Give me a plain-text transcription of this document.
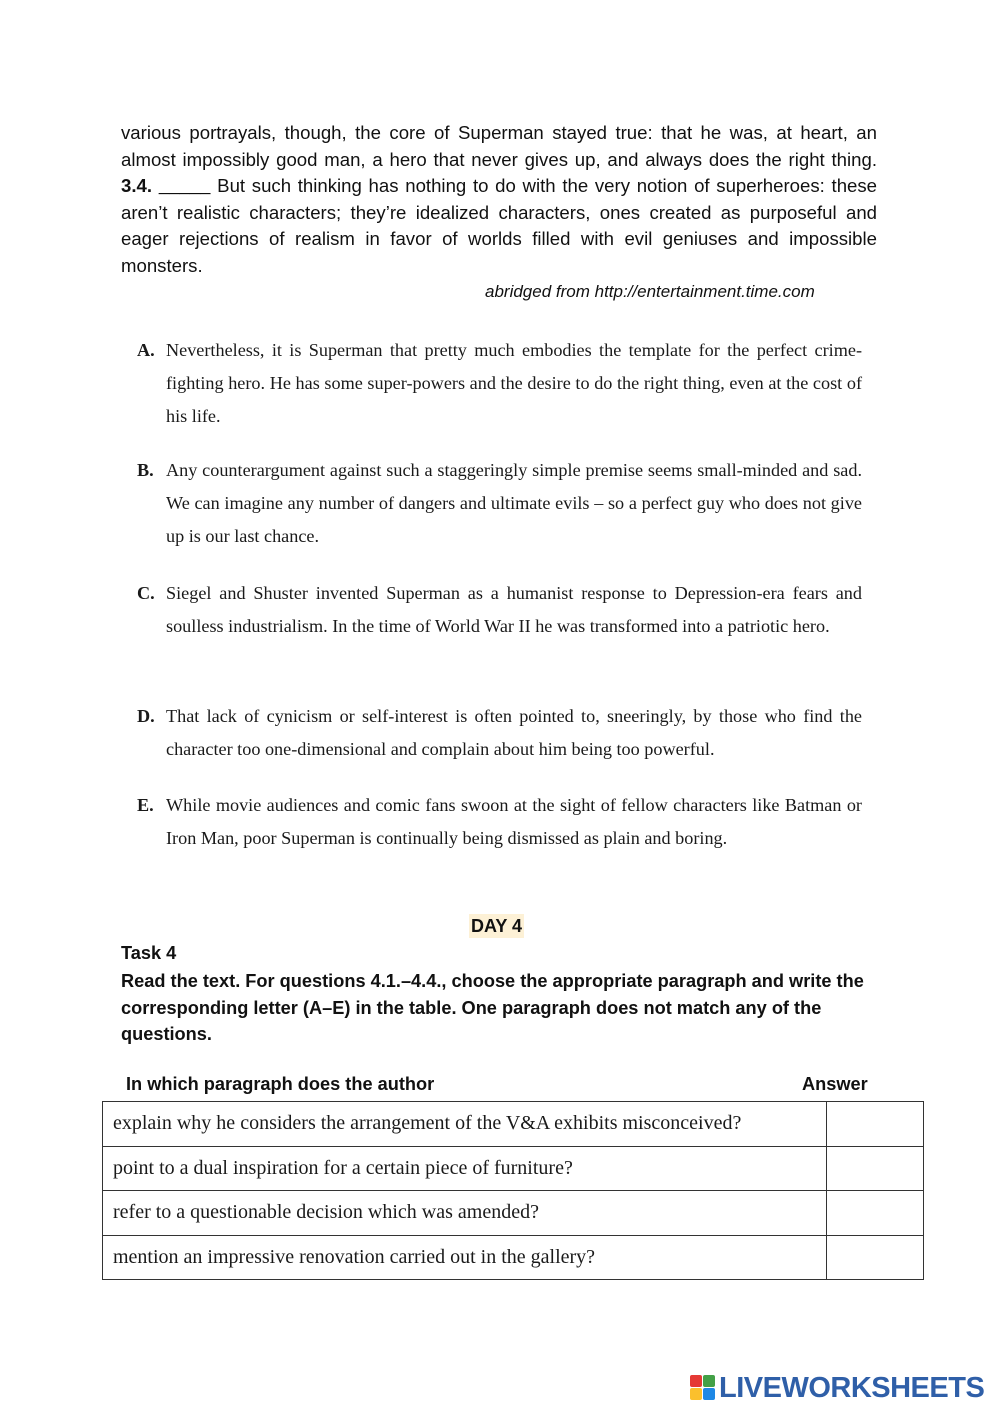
various portrayals, though, the core of Superman stayed true: that he was, at heart, an almost impossibly good man, a hero that never gives up, and always does the right thing. 3.4. _____ But such thinking has nothing to do with the very notion of superheroes: these aren’t realistic characters; they’re idealized characters, ones created as purposeful and eager rejections of realism in favor of worlds filled with evil geniuses and impossible monsters.
abridged from http://entertainment.time.com
A. Nevertheless, it is Superman that pretty much embodies the template for the perfect crime-fighting hero. He has some super-powers and the desire to do the right thing, even at the cost of his life.
B. Any counterargument against such a staggeringly simple premise seems small-minded and sad. We can imagine any number of dangers and ultimate evils – so a perfect guy who does not give up is our last chance.
C. Siegel and Shuster invented Superman as a humanist response to Depression-era fears and soulless industrialism. In the time of World War II he was transformed into a patriotic hero.
D. That lack of cynicism or self-interest is often pointed to, sneeringly, by those who find the character too one-dimensional and complain about him being too powerful.
E. While movie audiences and comic fans swoon at the sight of fellow characters like Batman or Iron Man, poor Superman is continually being dismissed as plain and boring.
DAY 4
Task 4
Read the text. For questions 4.1.–4.4., choose the appropriate paragraph and write the corresponding letter (A–E) in the table. One paragraph does not match any of the questions.
In which paragraph does the author	Answer
explain why he considers the arrangement of the V&A exhibits misconceived?	
point to a dual inspiration for a certain piece of furniture?	
refer to a questionable decision which was amended?	
mention an impressive renovation carried out in the gallery?	
LIVEWORKSHEETS
